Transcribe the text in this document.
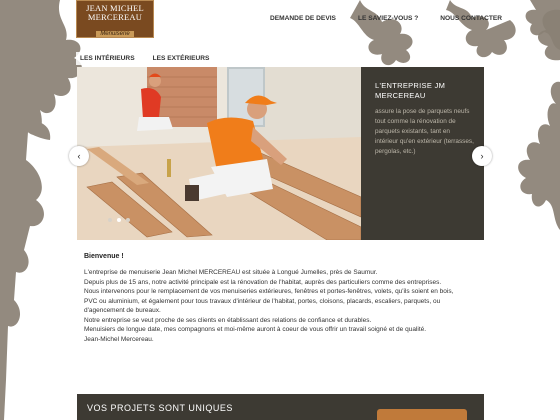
JEAN MICHEL
MERCEREAU
Menuiserie
DEMANDE DE DEVIS	LE SAVIEZ-VOUS ?	NOUS CONTACTER
LES INTÉRIEURS	LES EXTÉRIEURS
L'ENTREPRISE JM MERCEREAU

assure la pose de parquets neufs tout comme la rénovation de parquets existants, tant en intérieur qu'en extérieur (terrasses, pergolas, etc.)

‹	›
Bienvenue !

L'entreprise de menuiserie Jean Michel MERCEREAU est située à Longué Jumelles, près de Saumur.

Depuis plus de 15 ans, notre activité principale est la rénovation de l'habitat, auprès des particuliers comme des entreprises.

Nous intervenons pour le remplacement de vos menuiseries extérieures, fenêtres et portes-fenêtres, volets, qu'ils soient en bois, PVC ou aluminium, et également pour tous travaux d'intérieur de l'habitat, portes, cloisons, placards, escaliers, parquets, ou d'agencement de bureaux.

Notre entreprise se veut proche de ses clients en établissant des relations de confiance et durables.

Menuisiers de longue date, mes compagnons et moi-même auront à coeur de vous offrir un travail soigné et de qualité.

Jean-Michel Mercereau.

VOS PROJETS SONT UNIQUES
